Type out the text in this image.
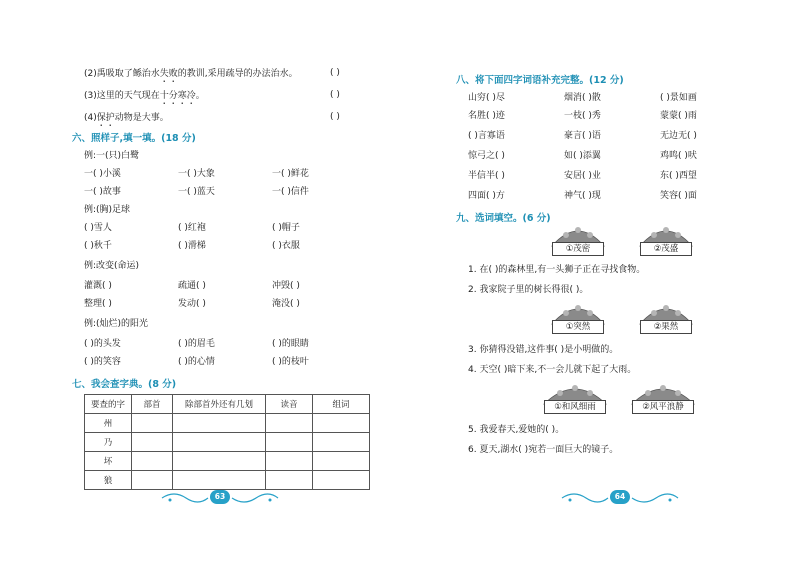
(2)禹吸取了鲧治水失败的教训,采用疏导的办法治水。	( )
(3)这里的天气现在十分寒冷。	( )
(4)保护动物是大事。	( )
六、照样子,填一填。(18 分)
例:一(只)白鹭
一( )小溪	一( )大象	一( )鲜花
一( )故事	一( )蓝天	一( )信件
例:(胸)足球
( )雪人	( )红袍	( )帽子
( )秋千	( )滑梯	( )衣服
例:改变(命运)
灌溉( )	疏通( )	冲毁( )
整理( )	发动( )	淹没( )
例:(灿烂)的阳光
( )的头发	( )的眉毛	( )的眼睛
( )的笑容	( )的心情	( )的枝叶
七、我会查字典。(8 分)
要查的字	部首	除部首外还有几划	读音	组词
州				
乃				
坏				
狼				
63
八、将下面四字词语补充完整。(12 分)
山穷( )尽	烟消( )散	( )景如画
名胜( )迹	一枝( )秀	蒙蒙( )雨
( )言寡语	豪言( )语	无边无( )
惊弓之( )	如( )添翼	鸡鸣( )吠
半信半( )	安居( )业	东( )西望
四面( )方	神气( )现	笑容( )面
九、选词填空。(6 分)
①茂密	②茂盛
1. 在( )的森林里,有一头狮子正在寻找食物。
2. 我家院子里的树长得很( )。
①突然	②果然
3. 你猜得没错,这件事( )是小明做的。
4. 天空( )暗下来,不一会儿就下起了大雨。
①和风细雨	②风平浪静
5. 我爱春天,爱她的( )。
6. 夏天,湖水( )宛若一面巨大的镜子。
64
